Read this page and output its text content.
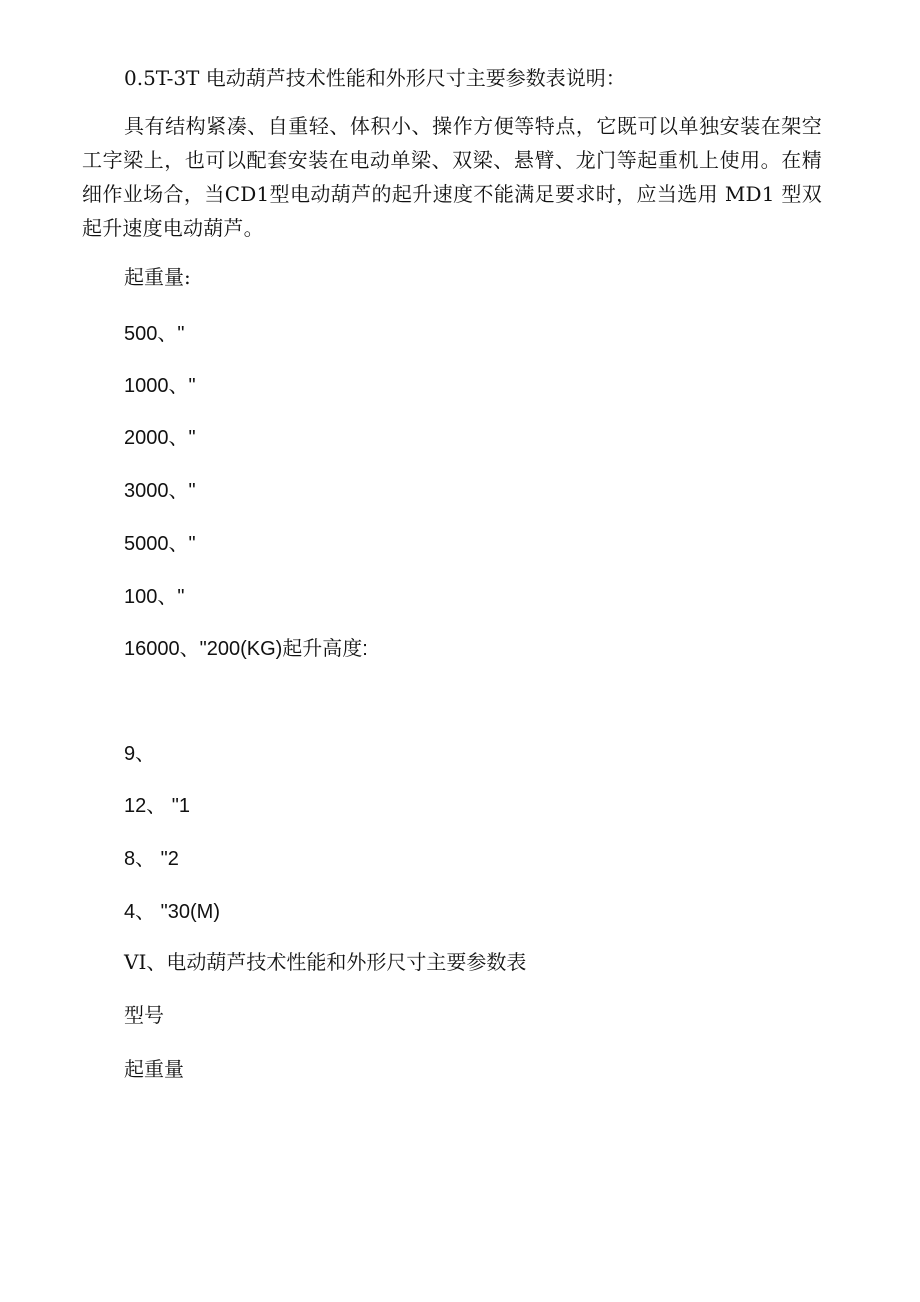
0.5T-3T 电动葫芦技术性能和外形尺寸主要参数表说明：
具有结构紧凑、自重轻、体积小、操作方便等特点，它既可以单独安装在架空工字梁上，也可以配套安装在电动单梁、双梁、悬臂、龙门等起重机上使用。在精细作业场合，当CD1型电动葫芦的起升速度不能满足要求时，应当选用 MD1 型双起升速度电动葫芦。
起重量:
500、"
1000、"
2000、"
3000、"
5000、"
100、"
16000、"200(KG)起升高度:
9、
12、 "1
8、 "2
4、 "30(M)
VI、电动葫芦技术性能和外形尺寸主要参数表
型号
起重量
